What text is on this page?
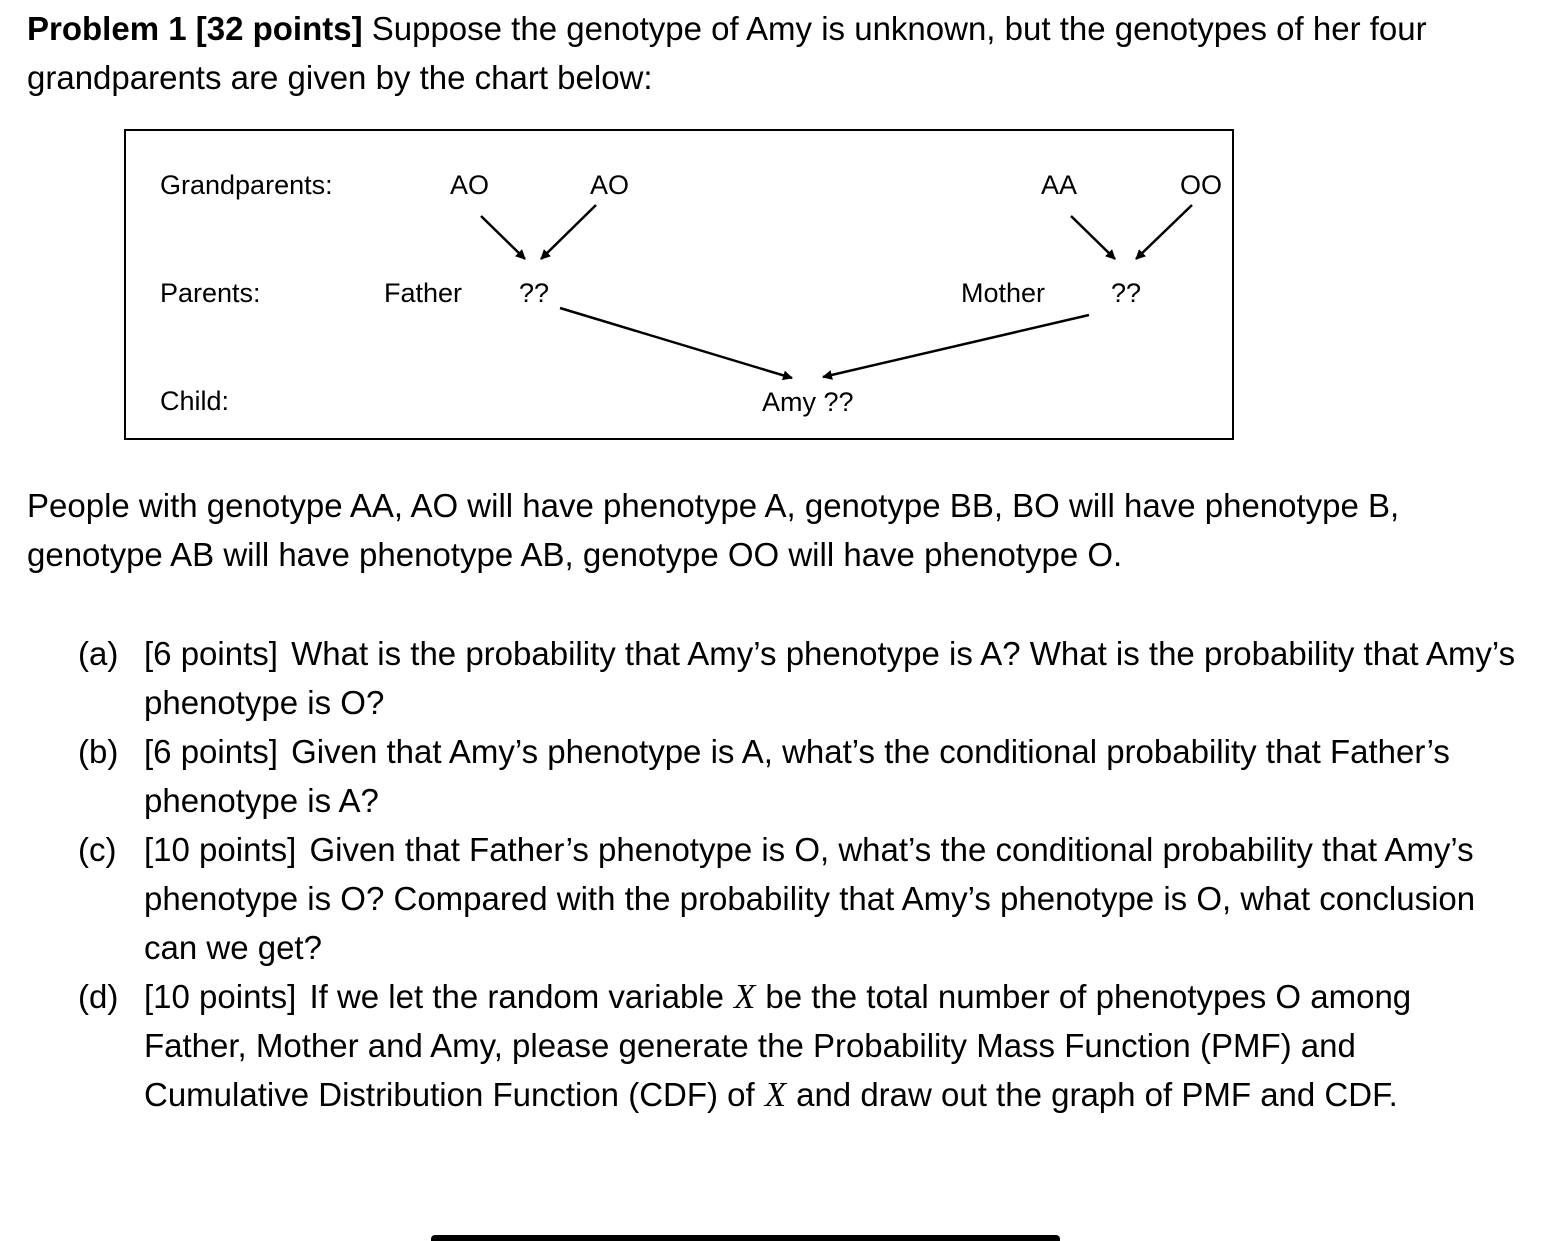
Problem 1 [32 points] Suppose the genotype of Amy is unknown, but the genotypes of her four grandparents are given by the chart below:
Grandparents:
Parents:
Child:
AO	AO	AA	OO
Father ??	Mother ??
Amy ??
People with genotype AA, AO will have phenotype A, genotype BB, BO will have phenotype B, genotype AB will have phenotype AB, genotype OO will have phenotype O.
(a) [6 points] What is the probability that Amy’s phenotype is A? What is the probability that Amy’s phenotype is O?
(b) [6 points] Given that Amy’s phenotype is A, what’s the conditional probability that Father’s phenotype is A?
(c) [10 points] Given that Father’s phenotype is O, what’s the conditional probability that Amy’s phenotype is O? Compared with the probability that Amy’s phenotype is O, what conclusion can we get?
(d) [10 points] If we let the random variable X be the total number of phenotypes O among Father, Mother and Amy, please generate the Probability Mass Function (PMF) and Cumulative Distribution Function (CDF) of X and draw out the graph of PMF and CDF.
